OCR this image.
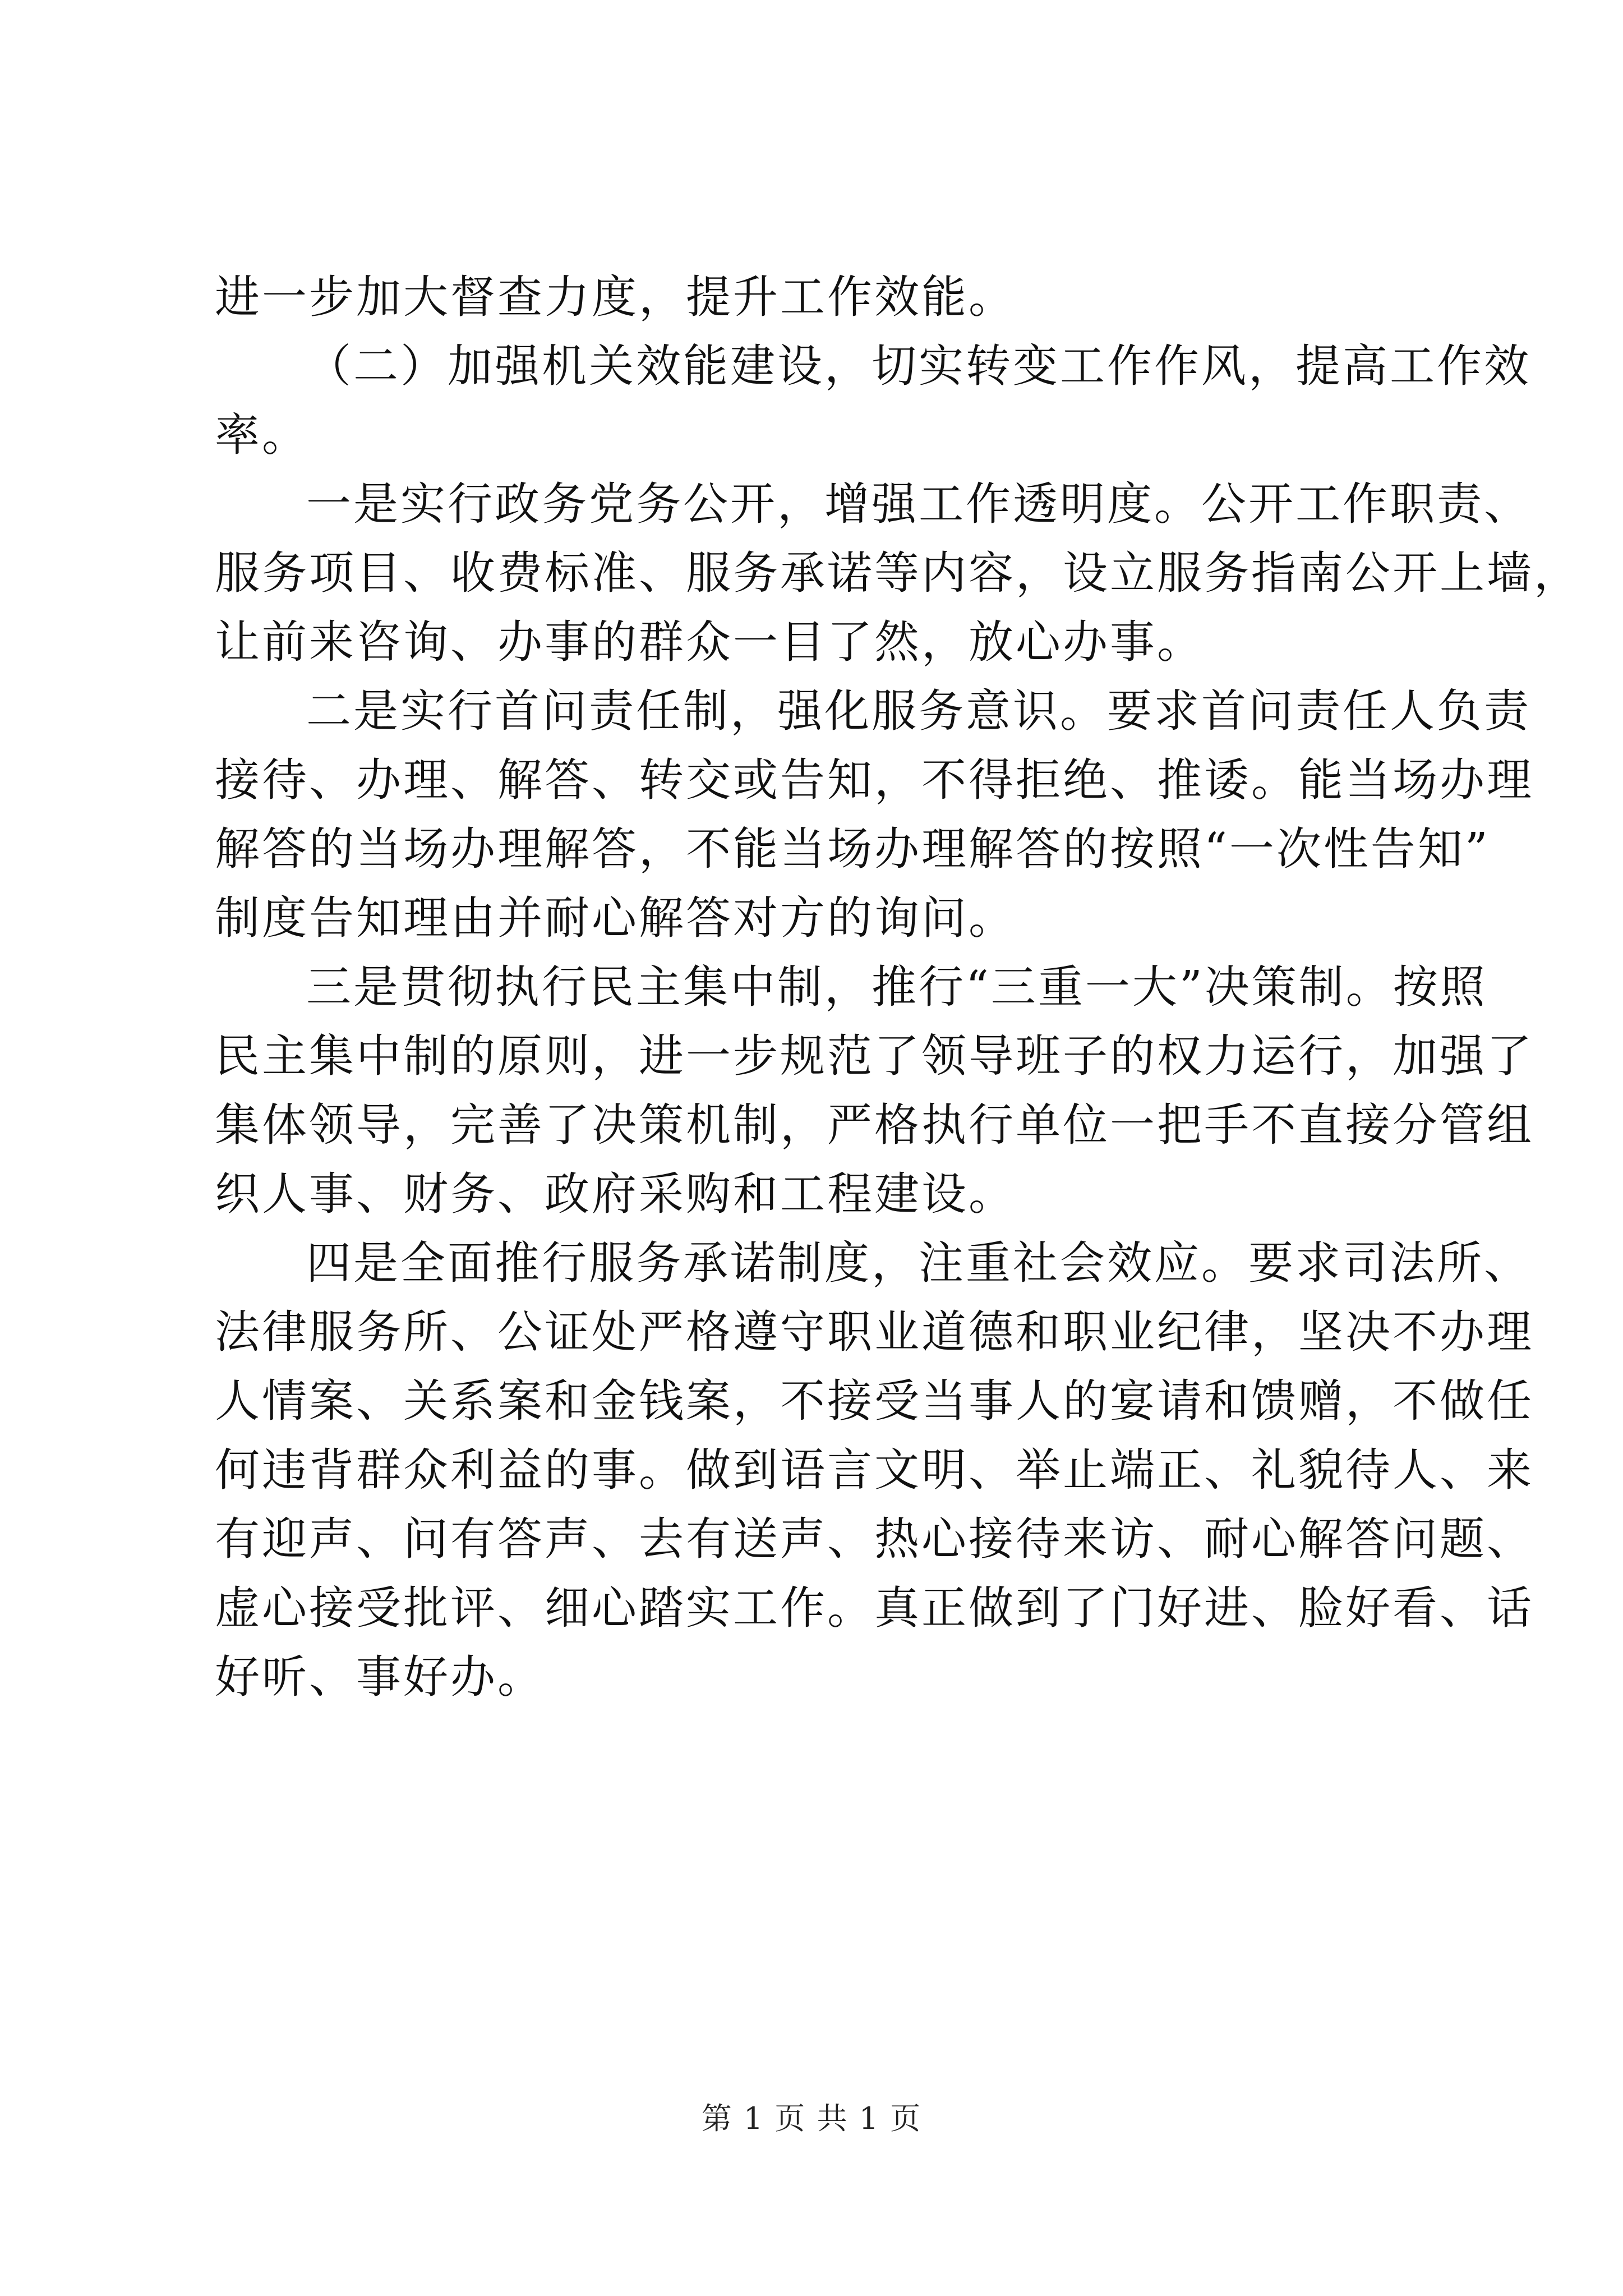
进一步加大督查力度，提升工作效能。
（二）加强机关效能建设，切实转变工作作风，提高工作效
率。
一是实行政务党务公开，增强工作透明度。公开工作职责、
服务项目、收费标准、服务承诺等内容，设立服务指南公开上墙，
让前来咨询、办事的群众一目了然，放心办事。
二是实行首问责任制，强化服务意识。要求首问责任人负责
接待、办理、解答、转交或告知，不得拒绝、推诿。能当场办理
解答的当场办理解答，不能当场办理解答的按照“一次性告知”
制度告知理由并耐心解答对方的询问。
三是贯彻执行民主集中制，推行“三重一大”决策制。按照
民主集中制的原则，进一步规范了领导班子的权力运行，加强了
集体领导，完善了决策机制，严格执行单位一把手不直接分管组
织人事、财务、政府采购和工程建设。
四是全面推行服务承诺制度，注重社会效应。要求司法所、
法律服务所、公证处严格遵守职业道德和职业纪律，坚决不办理
人情案、关系案和金钱案，不接受当事人的宴请和馈赠，不做任
何违背群众利益的事。做到语言文明、举止端正、礼貌待人、来
有迎声、问有答声、去有送声、热心接待来访、耐心解答问题、
虚心接受批评、细心踏实工作。真正做到了门好进、脸好看、话
好听、事好办。
第 1 页 共 1 页
